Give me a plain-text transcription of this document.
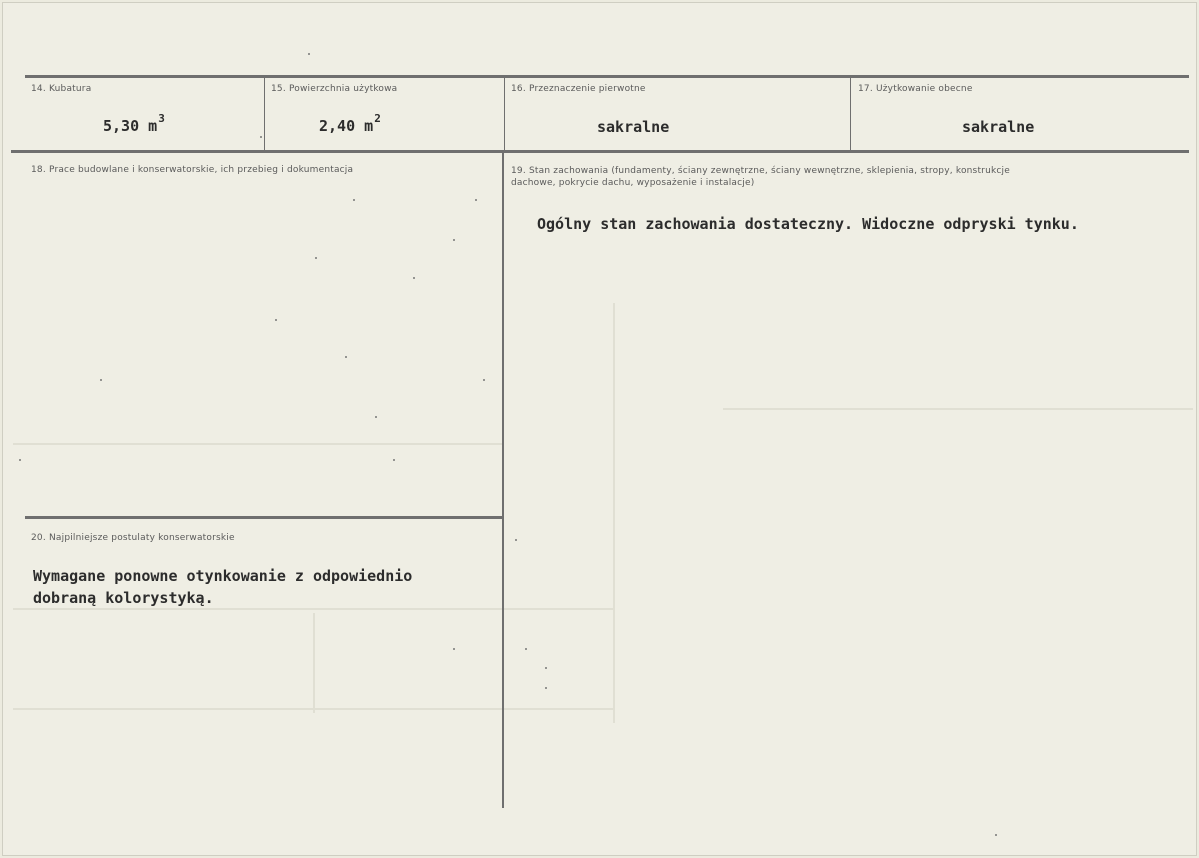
14. Kubatura
5,30 $m^3$
15. Powierzchnia użytkowa
2,40 $m^2$
16. Przeznaczenie pierwotne
sakralne
17. Użytkowanie obecne
sakralne
18. Prace budowlane i konserwatorskie, ich przebieg i dokumentacja	19. Stan zachowania (fundamenty, ściany zewnętrzne, ściany wewnętrzne, sklepienia, stropy, konstrukcje dachowe, pokrycie dachu, wyposażenie i instalacje)
Ogólny stan zachowania dostateczny. Widoczne odpryski tynku.
20. Najpilniejsze postulaty konserwatorskie
Wymagane ponowne otynkowanie z odpowiednio dobraną kolorystyką.
